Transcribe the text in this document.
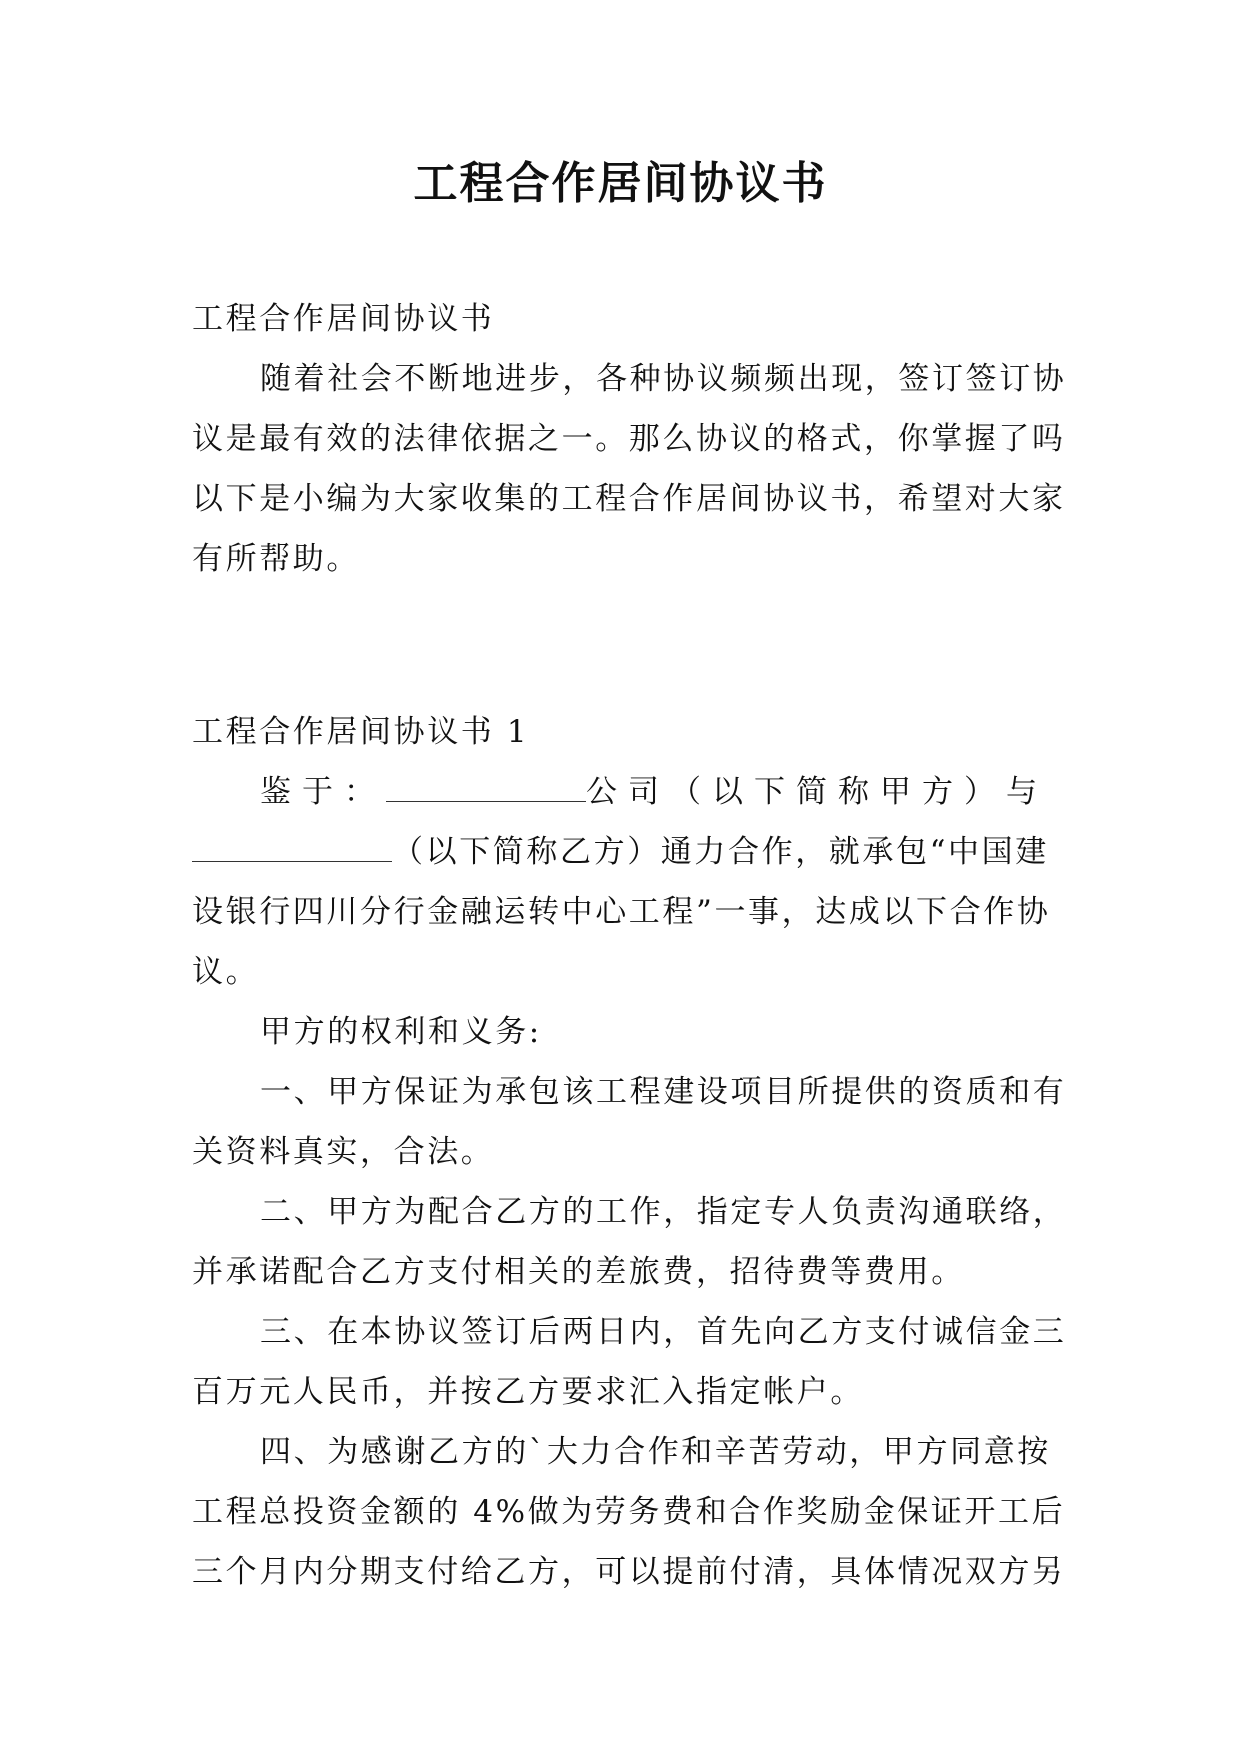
工程合作居间协议书
工程合作居间协议书
随着社会不断地进步，各种协议频频出现，签订签订协
议是最有效的法律依据之一。那么协议的格式，你掌握了吗
以下是小编为大家收集的工程合作居间协议书，希望对大家
有所帮助。
工程合作居间协议书 1
鉴于：	公司（以下简称甲方）与
（以下简称乙方）通力合作，就承包“中国建
设银行四川分行金融运转中心工程”一事，达成以下合作协
议。
甲方的权利和义务:
一、甲方保证为承包该工程建设项目所提供的资质和有
关资料真实，合法。
二、甲方为配合乙方的工作，指定专人负责沟通联络，
并承诺配合乙方支付相关的差旅费，招待费等费用。
三、在本协议签订后两日内，首先向乙方支付诚信金三
百万元人民币，并按乙方要求汇入指定帐户。
四、为感谢乙方的`大力合作和辛苦劳动，甲方同意按
工程总投资金额的 4%做为劳务费和合作奖励金保证开工后
三个月内分期支付给乙方，可以提前付清，具体情况双方另
